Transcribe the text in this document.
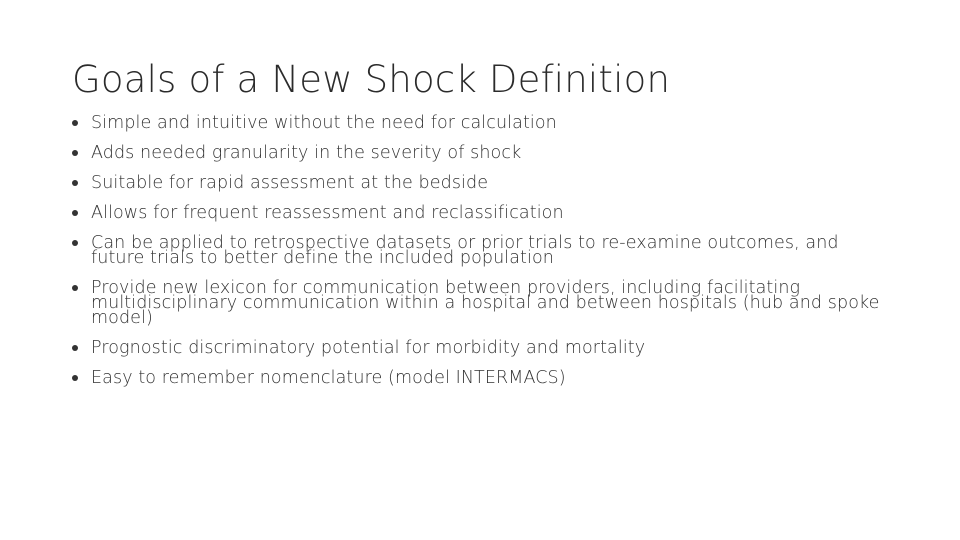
Goals of a New Shock Definition
Simple and intuitive without the need for calculation
Adds needed granularity in the severity of shock
Suitable for rapid assessment at the bedside
Allows for frequent reassessment and reclassification
Can be applied to retrospective datasets or prior trials to re-examine outcomes, and future trials to better define the included population
Provide new lexicon for communication between providers, including facilitating multidisciplinary communication within a hospital and between hospitals (hub and spoke model)
Prognostic discriminatory potential for morbidity and mortality
Easy to remember nomenclature (model INTERMACS)
